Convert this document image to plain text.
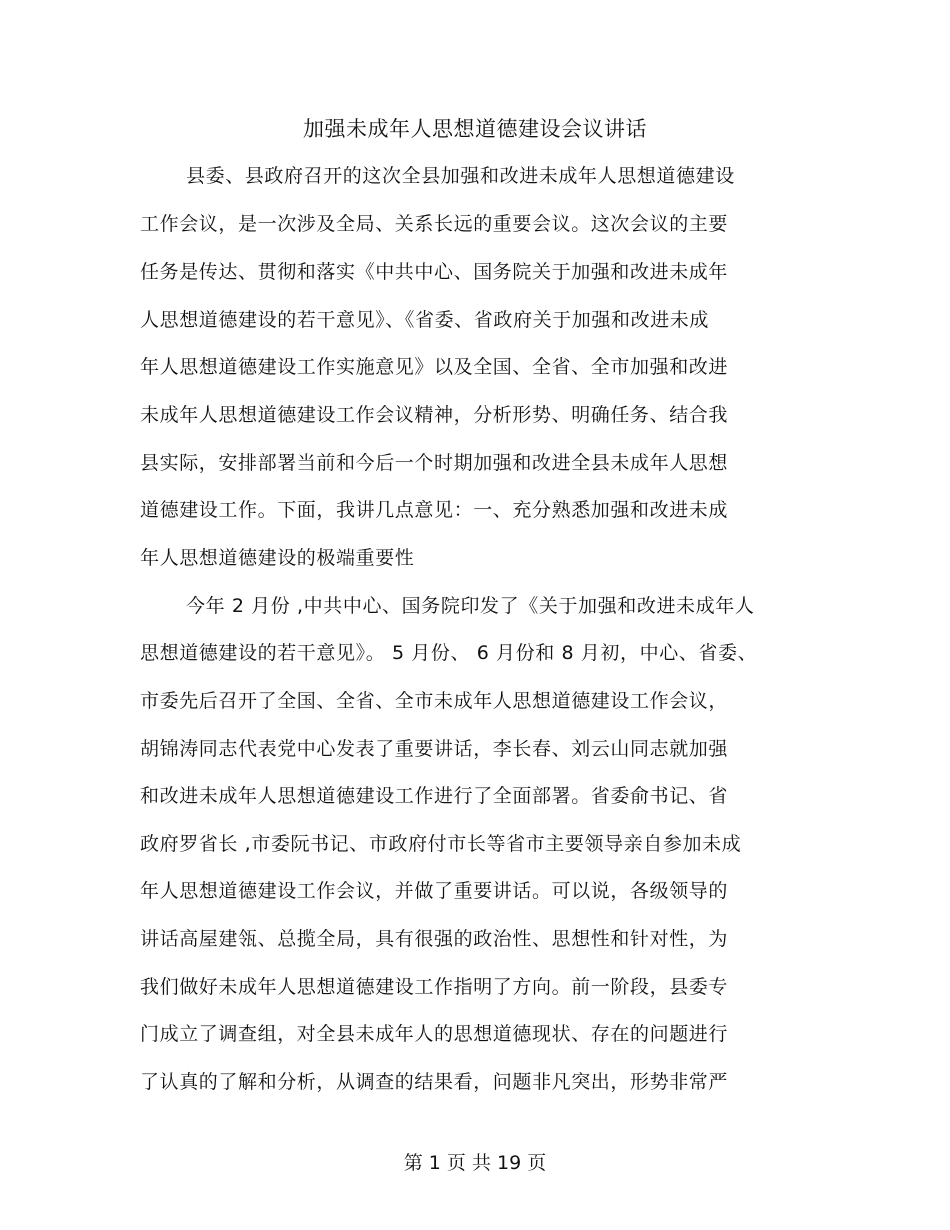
加强未成年人思想道德建设会议讲话
县委、县政府召开的这次全县加强和改进未成年人思想道德建设
工作会议，是一次涉及全局、关系长远的重要会议。这次会议的主要
任务是传达、贯彻和落实《中共中心、国务院关于加强和改进未成年
人思想道德建设的若干意见》、《省委、省政府关于加强和改进未成
年人思想道德建设工作实施意见》以及全国、全省、全市加强和改进
未成年人思想道德建设工作会议精神，分析形势、明确任务、结合我
县实际，安排部署当前和今后一个时期加强和改进全县未成年人思想
道德建设工作。下面，我讲几点意见：一、充分熟悉加强和改进未成
年人思想道德建设的极端重要性
今年 2 月份 ,中共中心、国务院印发了《关于加强和改进未成年人
思想道德建设的若干意见》。 5 月份、 6 月份和 8 月初，中心、省委、
市委先后召开了全国、全省、全市未成年人思想道德建设工作会议，
胡锦涛同志代表党中心发表了重要讲话，李长春、刘云山同志就加强
和改进未成年人思想道德建设工作进行了全面部署。省委俞书记、省
政府罗省长 ,市委阮书记、市政府付市长等省市主要领导亲自参加未成
年人思想道德建设工作会议，并做了重要讲话。可以说，各级领导的
讲话高屋建瓴、总揽全局，具有很强的政治性、思想性和针对性，为
我们做好未成年人思想道德建设工作指明了方向。前一阶段，县委专
门成立了调查组，对全县未成年人的思想道德现状、存在的问题进行
了认真的了解和分析，从调查的结果看，问题非凡突出，形势非常严
第 1 页 共 19 页
